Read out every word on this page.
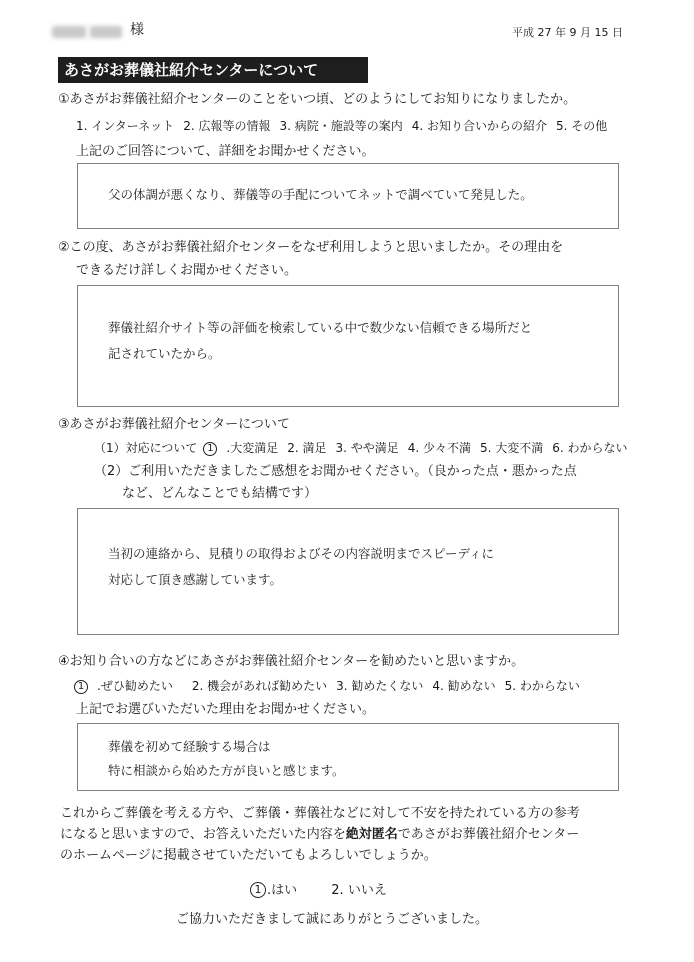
様	平成 27 年 9 月 15 日
あさがお葬儀社紹介センターについて
①あさがお葬儀社紹介センターのことをいつ頃、どのようにしてお知りになりましたか。
1. インターネット 2. 広報等の情報 3. 病院・施設等の案内 4. お知り合いからの紹介 5. その他
上記のご回答について、詳細をお聞かせください。
父の体調が悪くなり、葬儀等の手配についてネットで調べていて発見した。
②この度、あさがお葬儀社紹介センターをなぜ利用しようと思いましたか。その理由を
できるだけ詳しくお聞かせください。
葬儀社紹介サイト等の評価を検索している中で数少ない信頼できる場所だと
記されていたから。
③あさがお葬儀社紹介センターについて
（1）対応について 1 .大変満足 2. 満足 3. やや満足 4. 少々不満 5. 大変不満 6. わからない
（2）ご利用いただきましたご感想をお聞かせください。（良かった点・悪かった点
など、どんなことでも結構です）
当初の連絡から、見積りの取得およびその内容説明までスピーディに
対応して頂き感謝しています。
④お知り合いの方などにあさがお葬儀社紹介センターを勧めたいと思いますか。
1 .ぜひ勧めたい 2. 機会があれば勧めたい 3. 勧めたくない 4. 勧めない 5. わからない
上記でお選びいただいた理由をお聞かせください。
葬儀を初めて経験する場合は
特に相談から始めた方が良いと感じます。
これからご葬儀を考える方や、ご葬儀・葬儀社などに対して不安を持たれている方の参考
になると思いますので、お答えいただいた内容を絶対匿名であさがお葬儀社紹介センター
のホームページに掲載させていただいてもよろしいでしょうか。
1 .はい	2. いいえ
ご協力いただきまして誠にありがとうございました。
